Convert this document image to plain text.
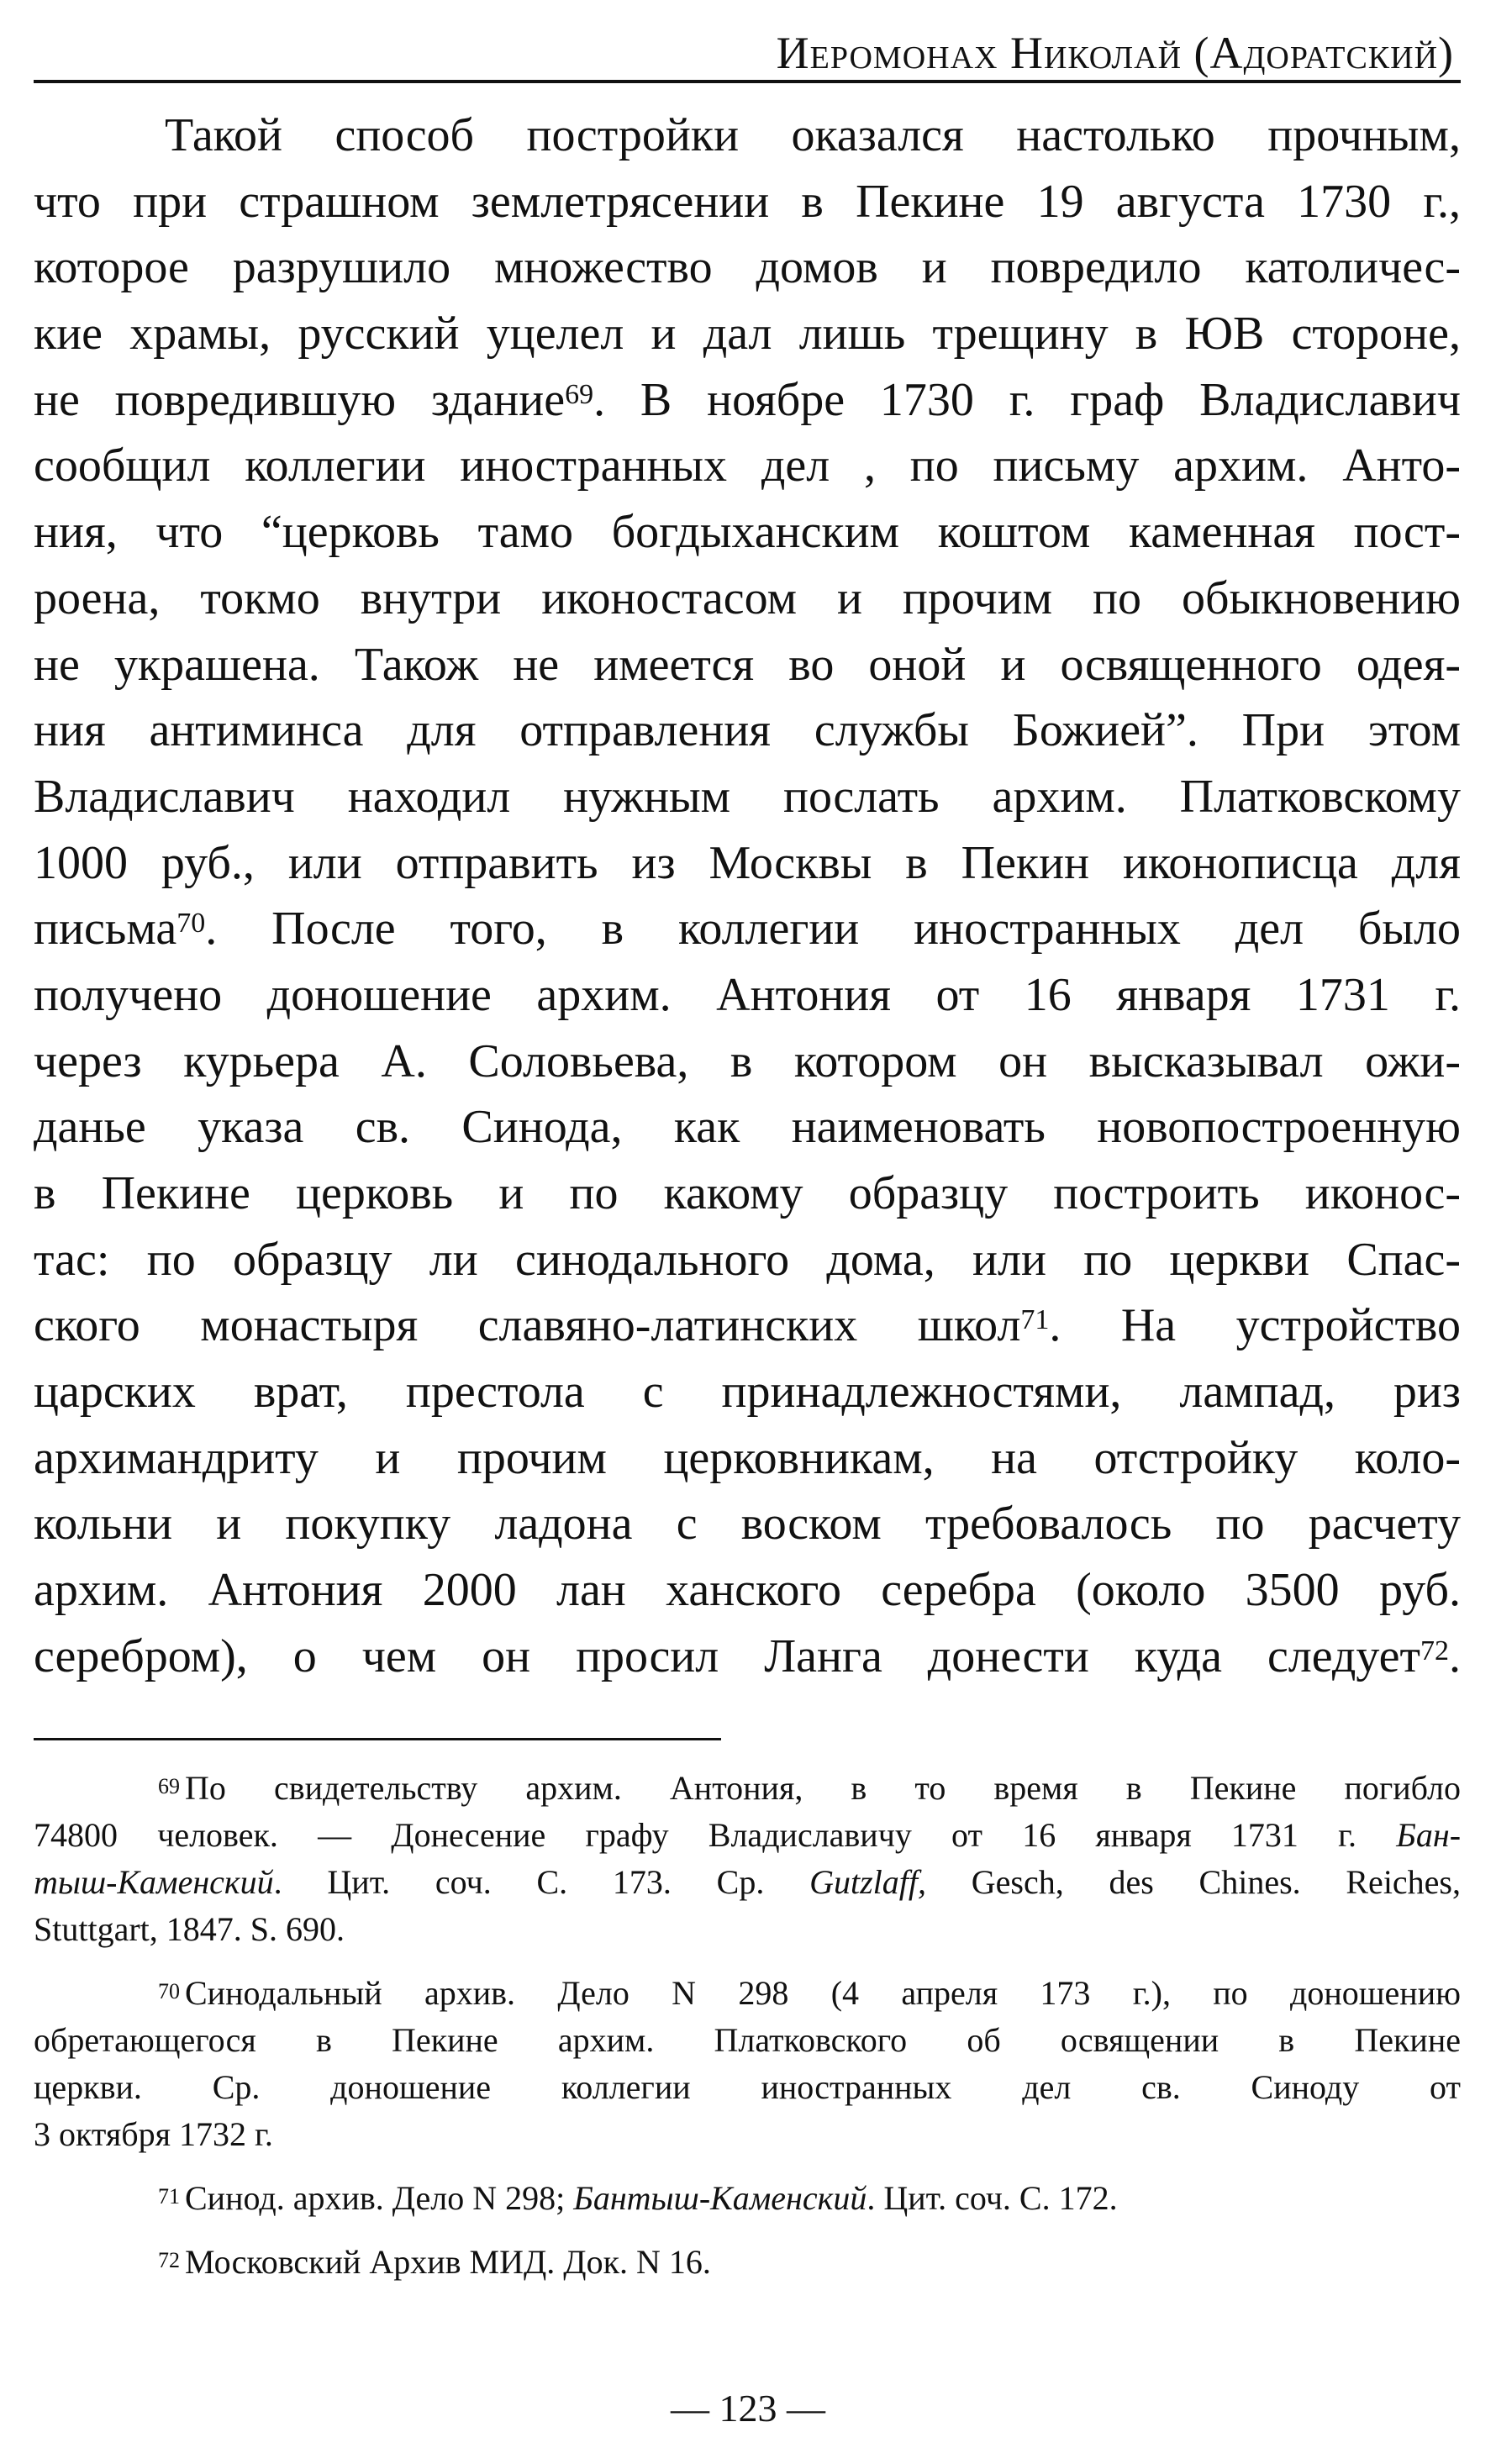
Иеромонах Николай (Адоратский)
Такой способ постройки оказался настолько прочным,
что при страшном землетрясении в Пекине 19 августа 1730 г.,
которое разрушило множество домов и повредило католичес-
кие храмы, русский уцелел и дал лишь трещину в ЮВ стороне,
не повредившую здание$^{69}$. В ноябре 1730 г. граф Владиславич
сообщил коллегии иностранных дел , по письму архим. Анто-
ния, что “церковь тамо богдыханским коштом каменная пост-
роена, токмо внутри иконостасом и прочим по обыкновению
не украшена. Також не имеется во оной и освященного одея-
ния антиминса для отправления службы Божией”. При этом
Владиславич находил нужным послать архим. Платковскому
1000 руб., или отправить из Москвы в Пекин иконописца для
письма$^{70}$. После того, в коллегии иностранных дел было
получено доношение архим. Антония от 16 января 1731 г.
через курьера А. Соловьева, в котором он высказывал ожи-
данье указа св. Синода, как наименовать новопостроенную
в Пекине церковь и по какому образцу построить иконос-
тас: по образцу ли синодального дома, или по церкви Спас-
ского монастыря славяно-латинских школ$^{71}$. На устройство
царских врат, престола с принадлежностями, лампад, риз
архимандриту и прочим церковникам, на отстройку коло-
кольни и покупку ладона с воском требовалось по расчету
архим. Антония 2000 лан ханского серебра (около 3500 руб.
серебром), о чем он просил Ланга донести куда следует$^{72}$.
$^{69}$ По свидетельству архим. Антония, в то время в Пекине погибло
74800 человек. — Донесение графу Владиславичу от 16 января 1731 г. Бан-
тыш-Каменский. Цит. соч. С. 173. Ср. Gutzlaff, Gesch, des Chines. Reiches,
Stuttgart, 1847. S. 690.
$^{70}$ Синодальный архив. Дело N 298 (4 апреля 173 г.), по доношению
обретающегося в Пекине архим. Платковского об освящении в Пекине
церкви. Ср. доношение коллегии иностранных дел св. Синоду от
3 октября 1732 г.
$^{71}$ Синод. архив. Дело N 298; Бантыш-Каменский. Цит. соч. С. 172.
$^{72}$ Московский Архив МИД. Док. N 16.
— 123 —
